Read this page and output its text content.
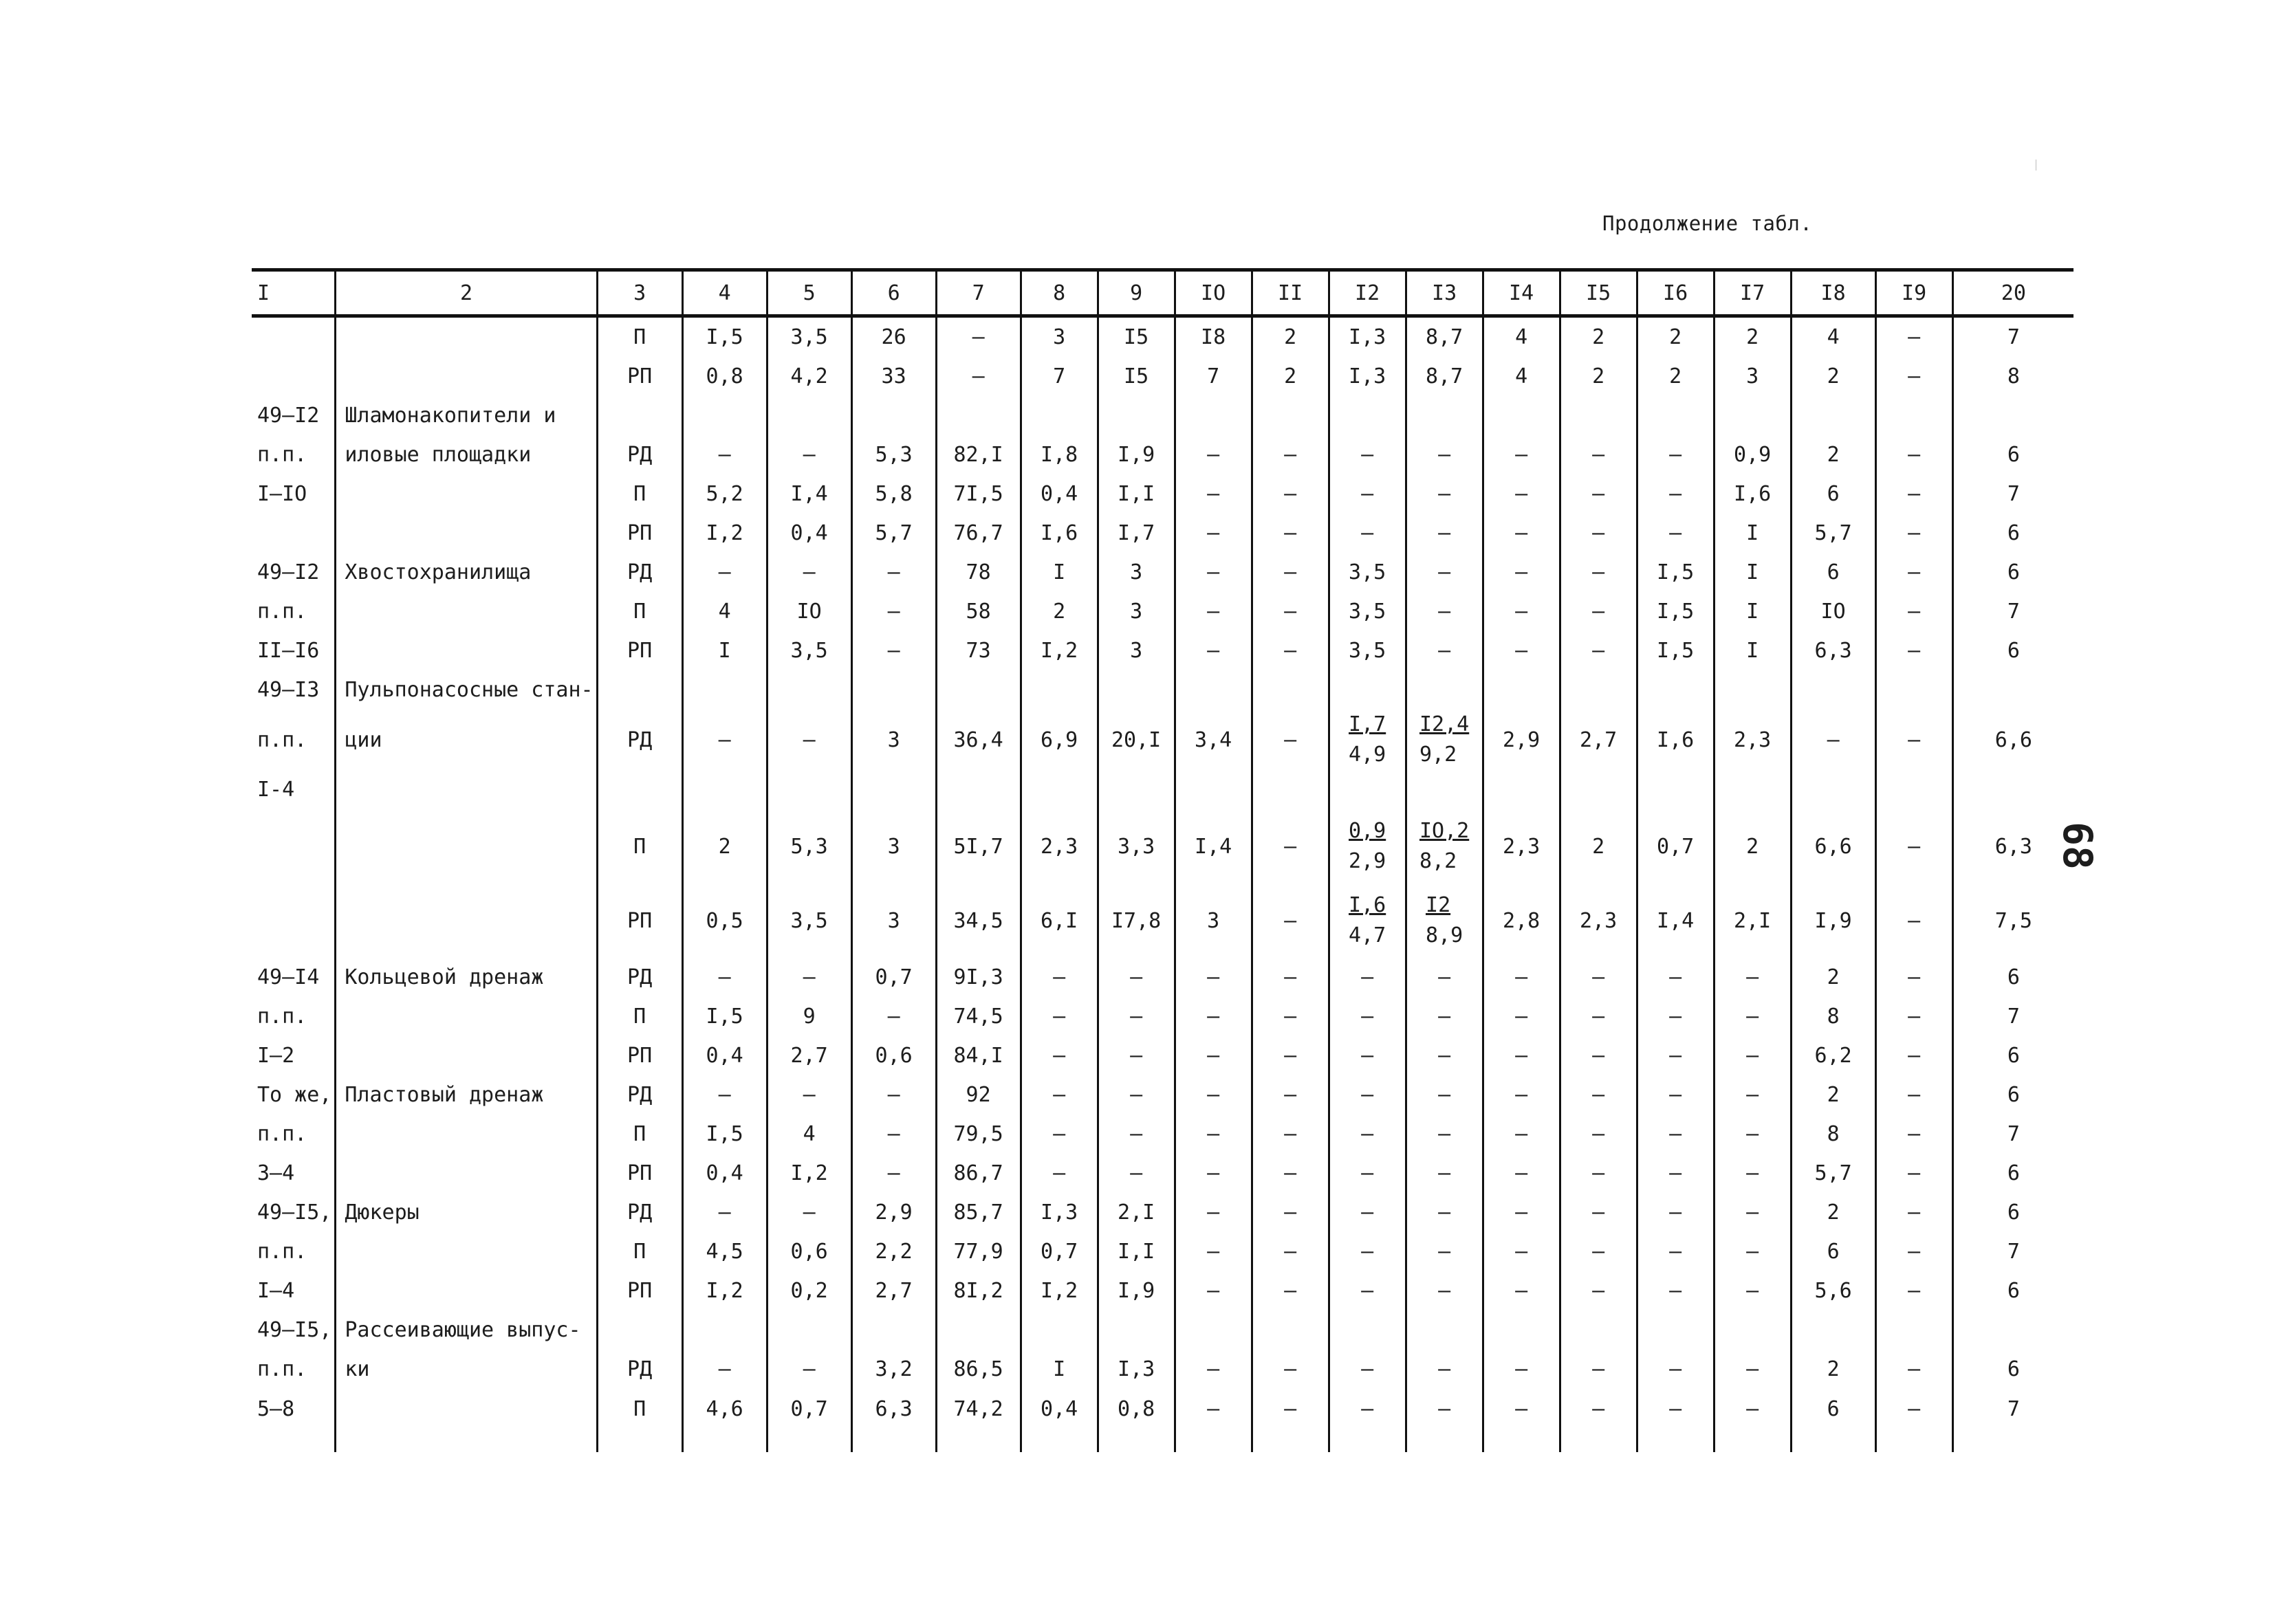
Продолжение табл.
68
I	2	3	4	5	6	7	8	9	IO	II	I2	I3	I4	I5	I6	I7	I8	I9	20
		П	I,5	3,5	26	–	3	I5	I8	2	I,3	8,7	4	2	2	2	4	–	7
		РП	0,8	4,2	33	–	7	I5	7	2	I,3	8,7	4	2	2	3	2	–	8
49–I2	Шламонакопители и																		
п.п.	иловые площадки	РД	–	–	5,3	82,I	I,8	I,9	–	–	–	–	–	–	–	0,9	2	–	6
I–IO		П	5,2	I,4	5,8	7I,5	0,4	I,I	–	–	–	–	–	–	–	I,6	6	–	7
		РП	I,2	0,4	5,7	76,7	I,6	I,7	–	–	–	–	–	–	–	I	5,7	–	6
49–I2	Хвостохранилища	РД	–	–	–	78	I	3	–	–	3,5	–	–	–	I,5	I	6	–	6
п.п.		П	4	IO	–	58	2	3	–	–	3,5	–	–	–	I,5	I	IO	–	7
II–I6		РП	I	3,5	–	73	I,2	3	–	–	3,5	–	–	–	I,5	I	6,3	–	6
49–I3	Пульпонасосные стан-																		
п.п.	ции	РД	–	–	3	36,4	6,9	20,I	3,4	–	$\frac{I,7}{4,9}$	$\frac{I2,4}{9,2}$	2,9	2,7	I,6	2,3	–	–	6,6
I-4																			
		П	2	5,3	3	5I,7	2,3	3,3	I,4	–	$\frac{0,9}{2,9}$	$\frac{IO,2}{8,2}$	2,3	2	0,7	2	6,6	–	6,3
		РП	0,5	3,5	3	34,5	6,I	I7,8	3	–	$\frac{I,6}{4,7}$	$\frac{I2}{8,9}$	2,8	2,3	I,4	2,I	I,9	–	7,5
49–I4	Кольцевой дренаж	РД	–	–	0,7	9I,3	–	–	–	–	–	–	–	–	–	–	2	–	6
п.п.		П	I,5	9	–	74,5	–	–	–	–	–	–	–	–	–	–	8	–	7
I–2		РП	0,4	2,7	0,6	84,I	–	–	–	–	–	–	–	–	–	–	6,2	–	6
То же,	Пластовый дренаж	РД	–	–	–	92	–	–	–	–	–	–	–	–	–	–	2	–	6
п.п.		П	I,5	4	–	79,5	–	–	–	–	–	–	–	–	–	–	8	–	7
3–4		РП	0,4	I,2	–	86,7	–	–	–	–	–	–	–	–	–	–	5,7	–	6
49–I5,	Дюкеры	РД	–	–	2,9	85,7	I,3	2,I	–	–	–	–	–	–	–	–	2	–	6
п.п.		П	4,5	0,6	2,2	77,9	0,7	I,I	–	–	–	–	–	–	–	–	6	–	7
I–4		РП	I,2	0,2	2,7	8I,2	I,2	I,9	–	–	–	–	–	–	–	–	5,6	–	6
49–I5,	Рассеивающие выпус-																		
п.п.	ки	РД	–	–	3,2	86,5	I	I,3	–	–	–	–	–	–	–	–	2	–	6
5–8		П	4,6	0,7	6,3	74,2	0,4	0,8	–	–	–	–	–	–	–	–	6	–	7
